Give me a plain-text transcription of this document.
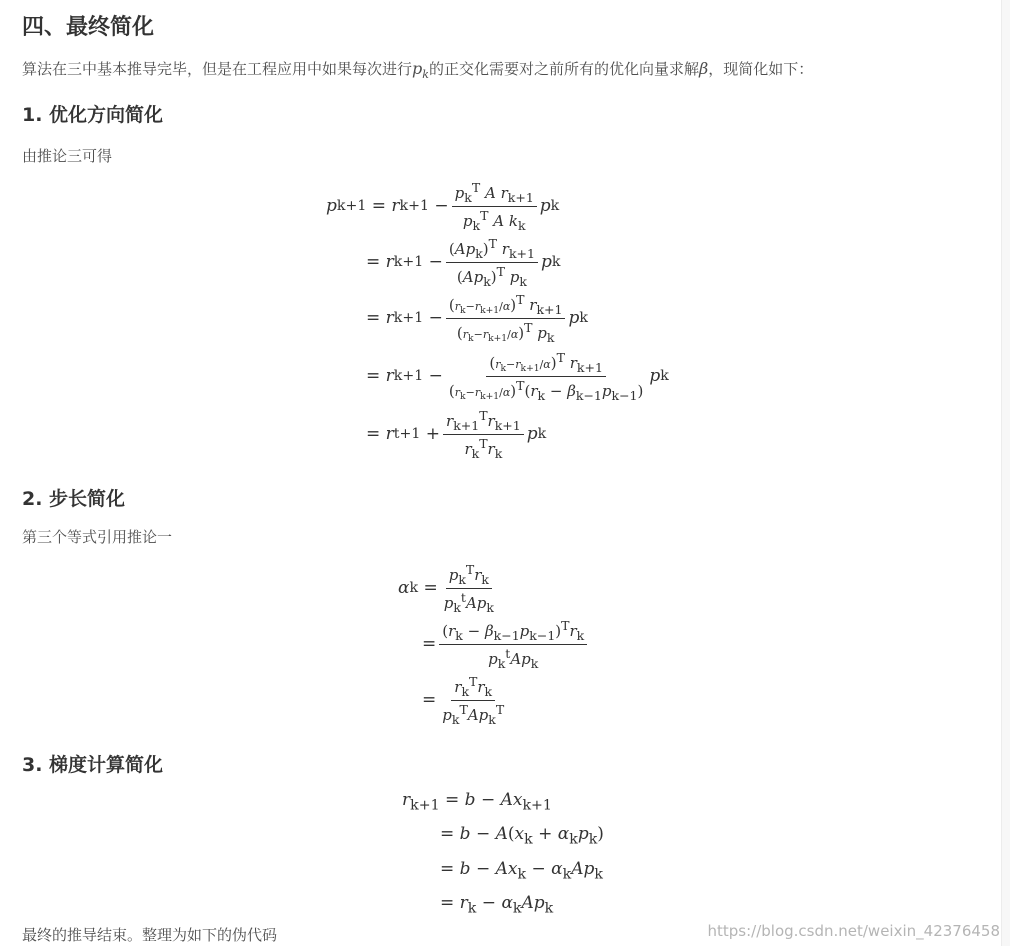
四、最终简化
算法在三中基本推导完毕，但是在工程应用中如果每次进行$p_k$的正交化需要对之前所有的优化向量求解β，现简化如下：
1. 优化方向简化
由推论三可得
p k+1 = r $k+1 - \frac{p_k^T A r_{k+1}}{p_k^T A k_k}$ p k
= r $k+1 - \frac{(Ap_k)^T r_{k+1}}{(Ap_k)^T p_k}$ p k
= r $k+1 - \frac{(r_k-r_{k+1}/\alpha)^T r_{k+1}}{(r_k-r_{k+1}/\alpha)^T p_k}$ p k
= r $k+1 - \frac{(r_k-r_{k+1}/\alpha)^T r_{k+1}}{(r_k-r_{k+1}/\alpha)^T(r_k - \beta_{k-1}p_{k-1})}$ p k
= r $t+1 + \frac{r_{k+1}^Tr_{k+1}}{r_k^Tr_k}$ p k
2. 步长简化
第三个等式引用推论一
α $k = \frac{p_k^Tr_k}{p_k^tAp_k}$
= $\frac{(r_k - \beta_{k-1}p_{k-1})^Tr_k}{p_k^tAp_k}$
= $\frac{r_k^Tr_k}{p_k^TAp_k^T}$
3. 梯度计算简化
$r_{k+1} = b - Ax_{k+1}$
= $b - A(x_k + \alpha_kp_k)$
= $b - Ax_k - \alpha_kAp_k$
= $r_k - \alpha_kAp_k$
最终的推导结束。整理为如下的伪代码	https://blog.csdn.net/weixin_42376458
